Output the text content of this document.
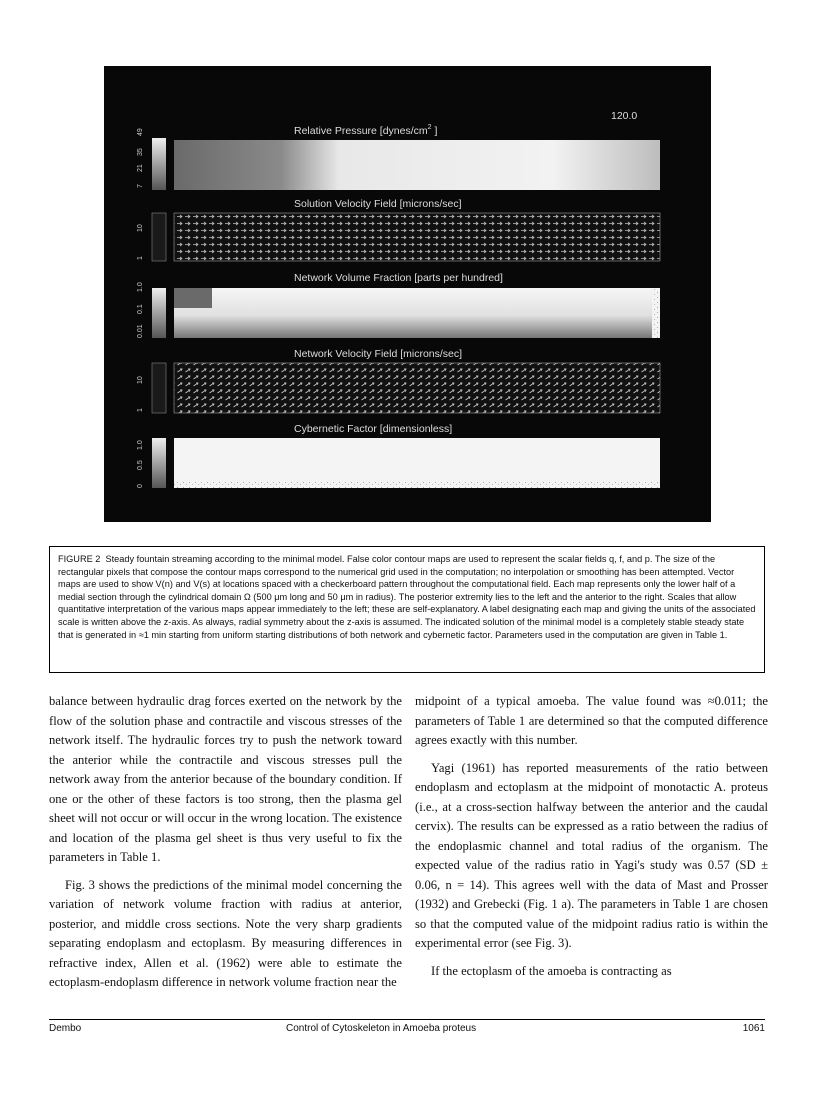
120.0
Relative Pressure [$dynes/cm^2$ ]
49
35
21
7
Solution Velocity Field [microns/sec]
10
1
Network Volume Fraction [parts per hundred]
1.0
0.1
0.01
Network Velocity Field [microns/sec]
10
1
Cybernetic Factor [dimensionless]
1.0
0.5
0
FIGURE 2 Steady fountain streaming according to the minimal model. False color contour maps are used to represent the scalar fields q, f, and p. The size of the rectangular pixels that compose the contour maps correspond to the numerical grid used in the computation; no interpolation or smoothing has been attempted. Vector maps are used to show V(n) and V(s) at locations spaced with a checkerboard pattern throughout the computational field. Each map represents only the lower half of a medial section through the cylindrical domain Ω (500 μm long and 50 μm in radius). The posterior extremity lies to the left and the anterior to the right. Scales that allow quantitative interpretation of the various maps appear immediately to the left; these are self-explanatory. A label designating each map and giving the units of the associated scale is written above the z-axis. As always, radial symmetry about the z-axis is assumed. The indicated solution of the minimal model is a completely stable steady state that is generated in ≈1 min starting from uniform starting distributions of both network and cybernetic factor. Parameters used in the computation are given in Table 1.

balance between hydraulic drag forces exerted on the network by the flow of the solution phase and contractile and viscous stresses of the network itself. The hydraulic forces try to push the network toward the anterior while the contractile and viscous stresses pull the network away from the anterior because of the boundary condition. If one or the other of these factors is too strong, then the plasma gel sheet will not occur or will occur in the wrong location. The existence and location of the plasma gel sheet is thus very useful to fix the parameters in Table 1.

Fig. 3 shows the predictions of the minimal model concerning the variation of network volume fraction with radius at anterior, posterior, and middle cross sections. Note the very sharp gradients separating endoplasm and ectoplasm. By measuring differences in refractive index, Allen et al. (1962) were able to estimate the ectoplasm-endoplasm difference in network volume fraction near the

midpoint of a typical amoeba. The value found was ≈0.011; the parameters of Table 1 are determined so that the computed difference agrees exactly with this number.

Yagi (1961) has reported measurements of the ratio between endoplasm and ectoplasm at the midpoint of monotactic A. proteus (i.e., at a cross-section halfway between the anterior and the caudal cervix). The results can be expressed as a ratio between the radius of the endoplasmic channel and total radius of the organism. The expected value of the radius ratio in Yagi's study was 0.57 (SD ± 0.06, n = 14). This agrees well with the data of Mast and Prosser (1932) and Grebecki (Fig. 1 a). The parameters in Table 1 are chosen so that the computed value of the midpoint radius ratio is within the experimental error (see Fig. 3).

If the ectoplasm of the amoeba is contracting as

Dembo	Control of Cytoskeleton in Amoeba proteus	1061
